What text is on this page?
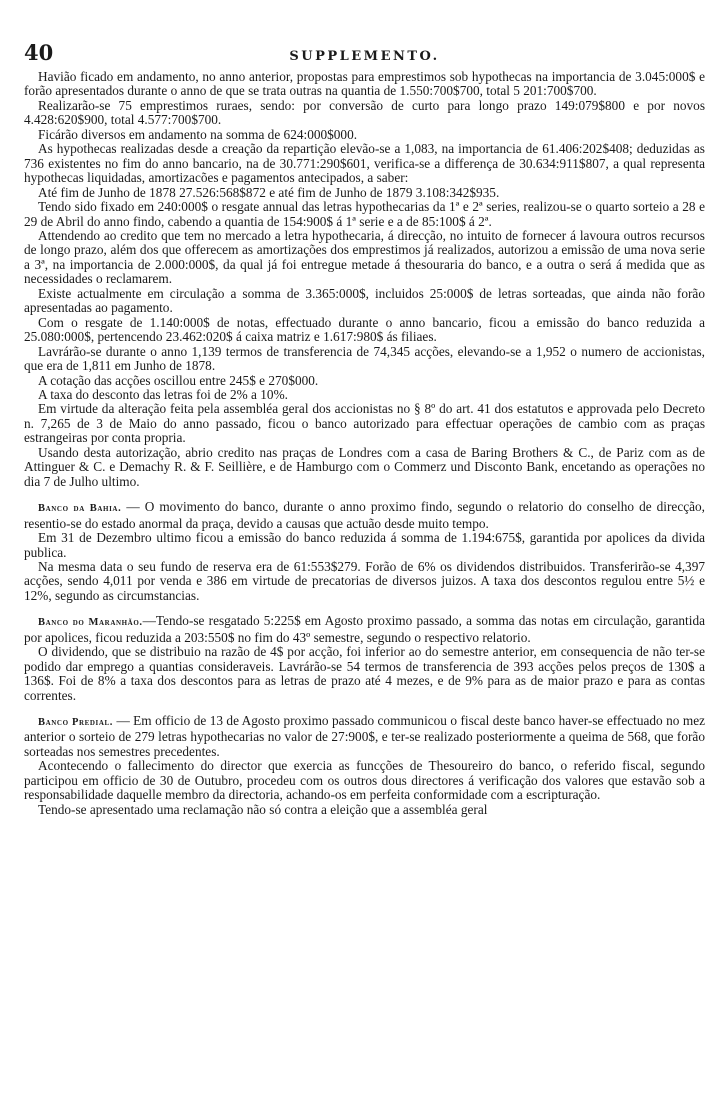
40	SUPPLEMENTO.

Havião ficado em andamento, no anno anterior, propostas para emprestimos sob hypothecas na importancia de 3.045:000$ e forão apresentados durante o anno de que se trata outras na quantia de 1.550:700$700, total 5 201:700$700.

Realizarão-se 75 emprestimos ruraes, sendo: por conversão de curto para longo prazo 149:079$800 e por novos 4.428:620$900, total 4.577:700$700.

Ficárão diversos em andamento na somma de 624:000$000.

As hypothecas realizadas desde a creação da repartição elevão-se a 1,083, na importancia de 61.406:202$408; deduzidas as 736 existentes no fim do anno bancario, na de 30.771:290$601, verifica-se a differença de 30.634:911$807, a qual representa hypothecas liquidadas, amortizacões e pagamentos antecipados, a saber:

Até fim de Junho de 1878 27.526:568$872 e até fim de Junho de 1879 3.108:342$935.

Tendo sido fixado em 240:000$ o resgate annual das letras hypothecarias da 1ª e 2ª series, realizou-se o quarto sorteio a 28 e 29 de Abril do anno findo, cabendo a quantia de 154:900$ á 1ª serie e a de 85:100$ á 2ª.

Attendendo ao credito que tem no mercado a letra hypothecaria, á direcção, no intuito de fornecer á lavoura outros recursos de longo prazo, além dos que offerecem as amortizações dos emprestimos já realizados, autorizou a emissão de uma nova serie a 3ª, na importancia de 2.000:000$, da qual já foi entregue metade á thesouraria do banco, e a outra o será á medida que as necessidades o reclamarem.

Existe actualmente em circulação a somma de 3.365:000$, incluidos 25:000$ de letras sorteadas, que ainda não forão apresentadas ao pagamento.

Com o resgate de 1.140:000$ de notas, effectuado durante o anno bancario, ficou a emissão do banco reduzida a 25.080:000$, pertencendo 23.462:020$ á caixa matriz e 1.617:980$ ás filiaes.

Lavrárão-se durante o anno 1,139 termos de transferencia de 74,345 acções, elevando-se a 1,952 o numero de accionistas, que era de 1,811 em Junho de 1878.

A cotação das acções oscillou entre 245$ e 270$000.

A taxa do desconto das letras foi de 2% a 10%.

Em virtude da alteração feita pela assembléa geral dos accionistas no § 8º do art. 41 dos estatutos e approvada pelo Decreto n. 7,265 de 3 de Maio do anno passado, ficou o banco autorizado para effectuar operações de cambio com as praças estrangeiras por conta propria.

Usando desta autorização, abrio credito nas praças de Londres com a casa de Baring Brothers & C., de Pariz com as de Attinguer & C. e Demachy R. & F. Seillière, e de Hamburgo com o Commerz und Disconto Bank, encetando as operações no dia 7 de Julho ultimo.

Banco da Bahia. — O movimento do banco, durante o anno proximo findo, segundo o relatorio do conselho de direcção, resentio-se do estado anormal da praça, devido a causas que actuão desde muito tempo.

Em 31 de Dezembro ultimo ficou a emissão do banco reduzida á somma de 1.194:675$, garantida por apolices da divida publica.

Na mesma data o seu fundo de reserva era de 61:553$279. Forão de 6% os dividendos distribuidos. Transferirão-se 4,397 acções, sendo 4,011 por venda e 386 em virtude de precatorias de diversos juizos. A taxa dos descontos regulou entre 5½ e 12%, segundo as circumstancias.

Banco do Maranhão.—Tendo-se resgatado 5:225$ em Agosto proximo passado, a somma das notas em circulação, garantida por apolices, ficou reduzida a 203:550$ no fim do 43º semestre, segundo o respectivo relatorio.

O dividendo, que se distribuio na razão de 4$ por acção, foi inferior ao do semestre anterior, em consequencia de não ter-se podido dar emprego a quantias consideraveis. Lavrárão-se 54 termos de transferencia de 393 acções pelos preços de 130$ a 136$. Foi de 8% a taxa dos descontos para as letras de prazo até 4 mezes, e de 9% para as de maior prazo e para as contas correntes.

Banco Predial. — Em officio de 13 de Agosto proximo passado communicou o fiscal deste banco haver-se effectuado no mez anterior o sorteio de 279 letras hypothecarias no valor de 27:900$, e ter-se realizado posteriormente a queima de 568, que forão sorteadas nos semestres precedentes.

Acontecendo o fallecimento do director que exercia as funcções de Thesoureiro do banco, o referido fiscal, segundo participou em officio de 30 de Outubro, procedeu com os outros dous directores á verificação dos valores que estavão sob a responsabilidade daquelle membro da directoria, achando-os em perfeita conformidade com a escripturação.

Tendo-se apresentado uma reclamação não só contra a eleição que a assembléa geral
